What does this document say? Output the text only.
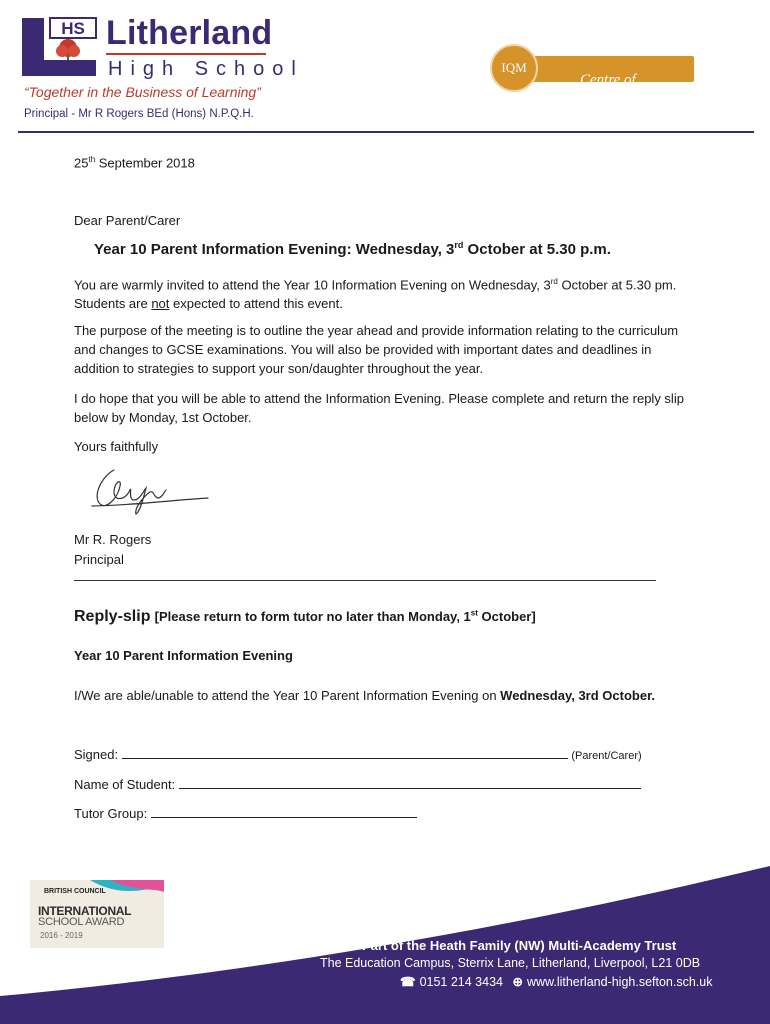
HS Litherland
High School
“Together in the Business of Learning”
Principal - Mr R Rogers BEd (Hons) N.P.Q.H.
Centre of Excellence
IQM
25th September 2018
Dear Parent/Carer
Year 10 Parent Information Evening: Wednesday, 3rd October at 5.30 p.m.
You are warmly invited to attend the Year 10 Information Evening on Wednesday, 3rd October at 5.30 pm. Students are not expected to attend this event.
The purpose of the meeting is to outline the year ahead and provide information relating to the curriculum and changes to GCSE examinations. You will also be provided with important dates and deadlines in addition to strategies to support your son/daughter throughout the year.
I do hope that you will be able to attend the Information Evening. Please complete and return the reply slip below by Monday, 1st October.
Yours faithfully
Mr R. Rogers
Principal
Reply-slip [Please return to form tutor no later than Monday, 1st October]
Year 10 Parent Information Evening
I/We are able/unable to attend the Year 10 Parent Information Evening on Wednesday, 3rd October.
Signed:	(Parent/Carer)
Name of Student:
Tutor Group:
BRITISH COUNCIL
INTERNATIONAL
SCHOOL AWARD
2016 - 2019
Part of the Heath Family (NW) Multi-Academy Trust
The Education Campus, Sterrix Lane, Litherland, Liverpool, L21 0DB
☎ 0151 214 3434 ⊕ www.litherland-high.sefton.sch.uk
